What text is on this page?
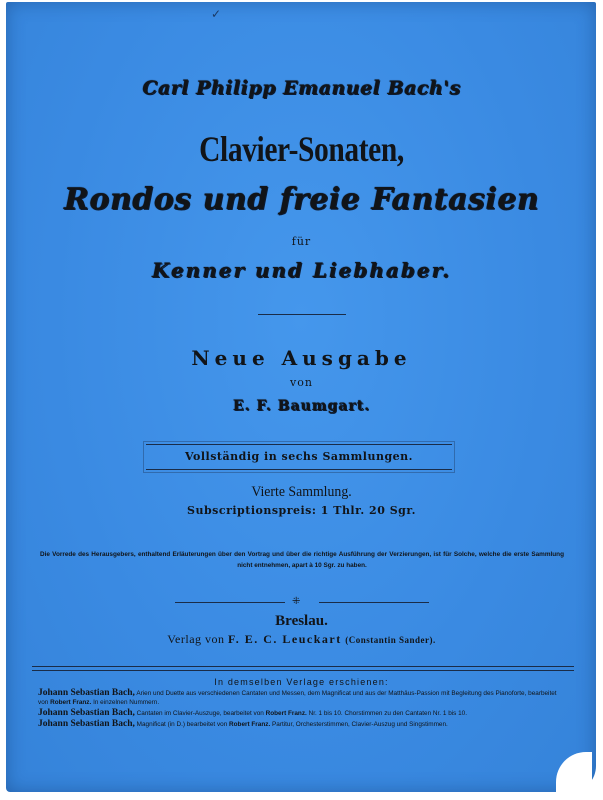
✓
Carl Philipp Emanuel Bach's
Clavier-Sonaten,
Rondos und freie Fantasien
für
Kenner und Liebhaber.
Neue Ausgabe
von
E. F. Baumgart.
Vollständig in sechs Sammlungen.
Vierte Sammlung.
Subscriptionspreis: 1 Thlr. 20 Sgr.
Die Vorrede des Herausgebers, enthaltend Erläuterungen über den Vortrag und über die richtige Ausführung der Verzierungen, ist für Solche, welche die erste Sammlung nicht entnehmen, apart à 10 Sgr. zu haben.
⁜
Breslau.
Verlag von F. E. C. Leuckart (Constantin Sander).
In demselben Verlage erschienen:
Johann Sebastian Bach, Arien und Duette aus verschiedenen Cantaten und Messen, dem Magnificat und aus der Matthäus-Passion mit Begleitung des Pianoforte, bearbeitet von Robert Franz. In einzelnen Nummern.
Johann Sebastian Bach, Cantaten im Clavier-Auszuge, bearbeitet von Robert Franz. Nr. 1 bis 10. Chorstimmen zu den Cantaten Nr. 1 bis 10.
Johann Sebastian Bach, Magnificat (in D.) bearbeitet von Robert Franz. Partitur, Orchesterstimmen, Clavier-Auszug und Singstimmen.
